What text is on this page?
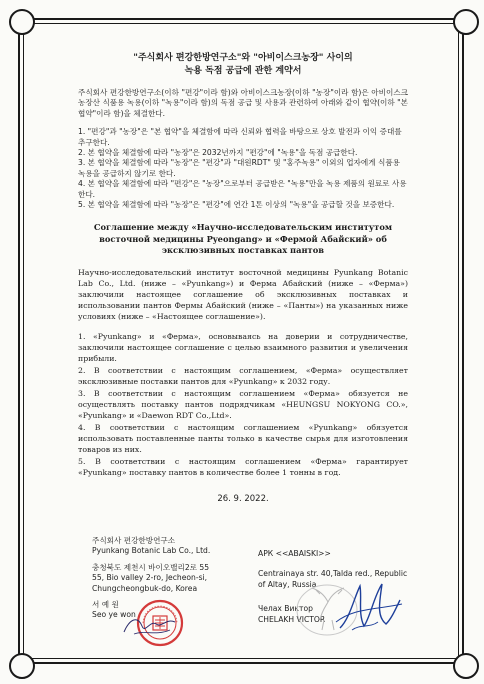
"주식회사 편강한방연구소"와 "아비이스크농장" 사이의
녹용 독점 공급에 관한 계약서
주식회사 편강한방연구소(이하 "편강"이라 함)와 아비이스크농장(이하 "농장"이라 함)은 아비이스크농장산 식품용 녹용(이하 "녹용"이라 함)의 독점 공급 및 사용과 관련하여 아래와 같이 협약(이하 "본 협약"이라 함)을 체결한다.
1. "편강"과 "농장"은 "본 협약"을 체결함에 따라 신뢰와 협력을 바탕으로 상호 발전과 이익 증대를 추구한다.
2. 본 협약을 체결함에 따라 "농장"은 2032년까지 "편강"에 "녹용"을 독점 공급한다.
3. 본 협약을 체결함에 따라 "농장"은 "편강"과 "대원RDT" 및 "홍주녹용" 이외의 업자에게 식품용 녹용을 공급하지 않기로 한다.
4. 본 협약을 체결함에 따라 "편강"은 "농장"으로부터 공급받은 "녹용"만을 녹용 제품의 원료로 사용한다.
5. 본 협약을 체결함에 따라 "농장"은 "편강"에 연간 1톤 이상의 "녹용"을 공급할 것을 보증한다.
Соглашение между «Научно-исследовательским институтом восточной медицины Pyeongang» и «Фермой Абайский» об эксклюзивных поставках пантов
Научно-исследовательский институт восточной медицины Pyunkang Botanic Lab Co., Ltd. (ниже – «Pyunkang») и Ферма Абайский (ниже – «Ферма») заключили настоящее соглашение об эксклюзивных поставках и использовании пантов Фермы Абайский (ниже – «Панты») на указанных ниже условиях (ниже – «Настоящее соглашение»).
1. «Pyunkang» и «Ферма», основываясь на доверии и сотрудничестве, заключили настоящее соглашение с целью взаимного развития и увеличения прибыли.
2. В соответствии с настоящим соглашением, «Ферма» осуществляет эксклюзивные поставки пантов для «Pyunkang» к 2032 году.
3. В соответствии с настоящим соглашением «Ферма» обязуется не осуществлять поставку пантов подрядчикам «HEUNGSU NOKYONG CO.», «Pyunkang» и «Daewon RDT Co.,Ltd».
4. В соответствии с настоящим соглашением «Pyunkang» обязуется использовать поставленные панты только в качестве сырья для изготовления товаров из них.
5. В соответствии с настоящим соглашением «Ферма» гарантирует «Pyunkang» поставку пантов в количестве более 1 тонны в год.
26. 9. 2022.
주식회사 편강한방연구소
Pyunkang Botanic Lab Co., Ltd.
충청북도 제천시 바이오밸리2로 55
55, Bio valley 2-ro, Jecheon-si,
Chungcheongbuk-do, Korea
서 예 원
Seo ye won
АРК <<ABAISKI>>
Centrainaya str. 40,Talda red., Republic
of Altay, Russia
Челах Виктор
CHELAKH VICTOR
